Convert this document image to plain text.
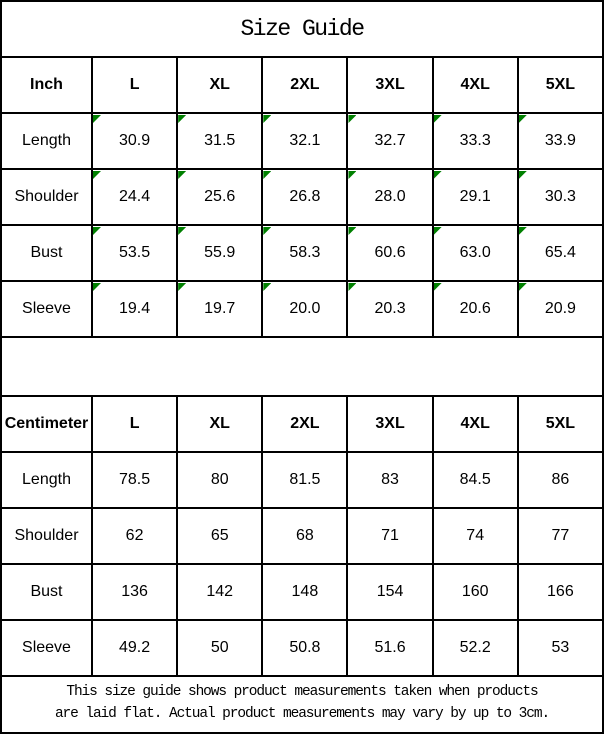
Size Guide
Inch	L	XL	2XL	3XL	4XL	5XL

Length	30.9	31.5	32.1	32.7	33.3	33.9

Shoulder	24.4	25.6	26.8	28.0	29.1	30.3

Bust	53.5	55.9	58.3	60.6	63.0	65.4

Sleeve	19.4	19.7	20.0	20.3	20.6	20.9
Centimeter	L	XL	2XL	3XL	4XL	5XL

Length	78.5	80	81.5	83	84.5	86

Shoulder	62	65	68	71	74	77

Bust	136	142	148	154	160	166

Sleeve	49.2	50	50.8	51.6	52.2	53
This size guide shows product measurements taken when products
are laid flat. Actual product measurements may vary by up to 3cm.
